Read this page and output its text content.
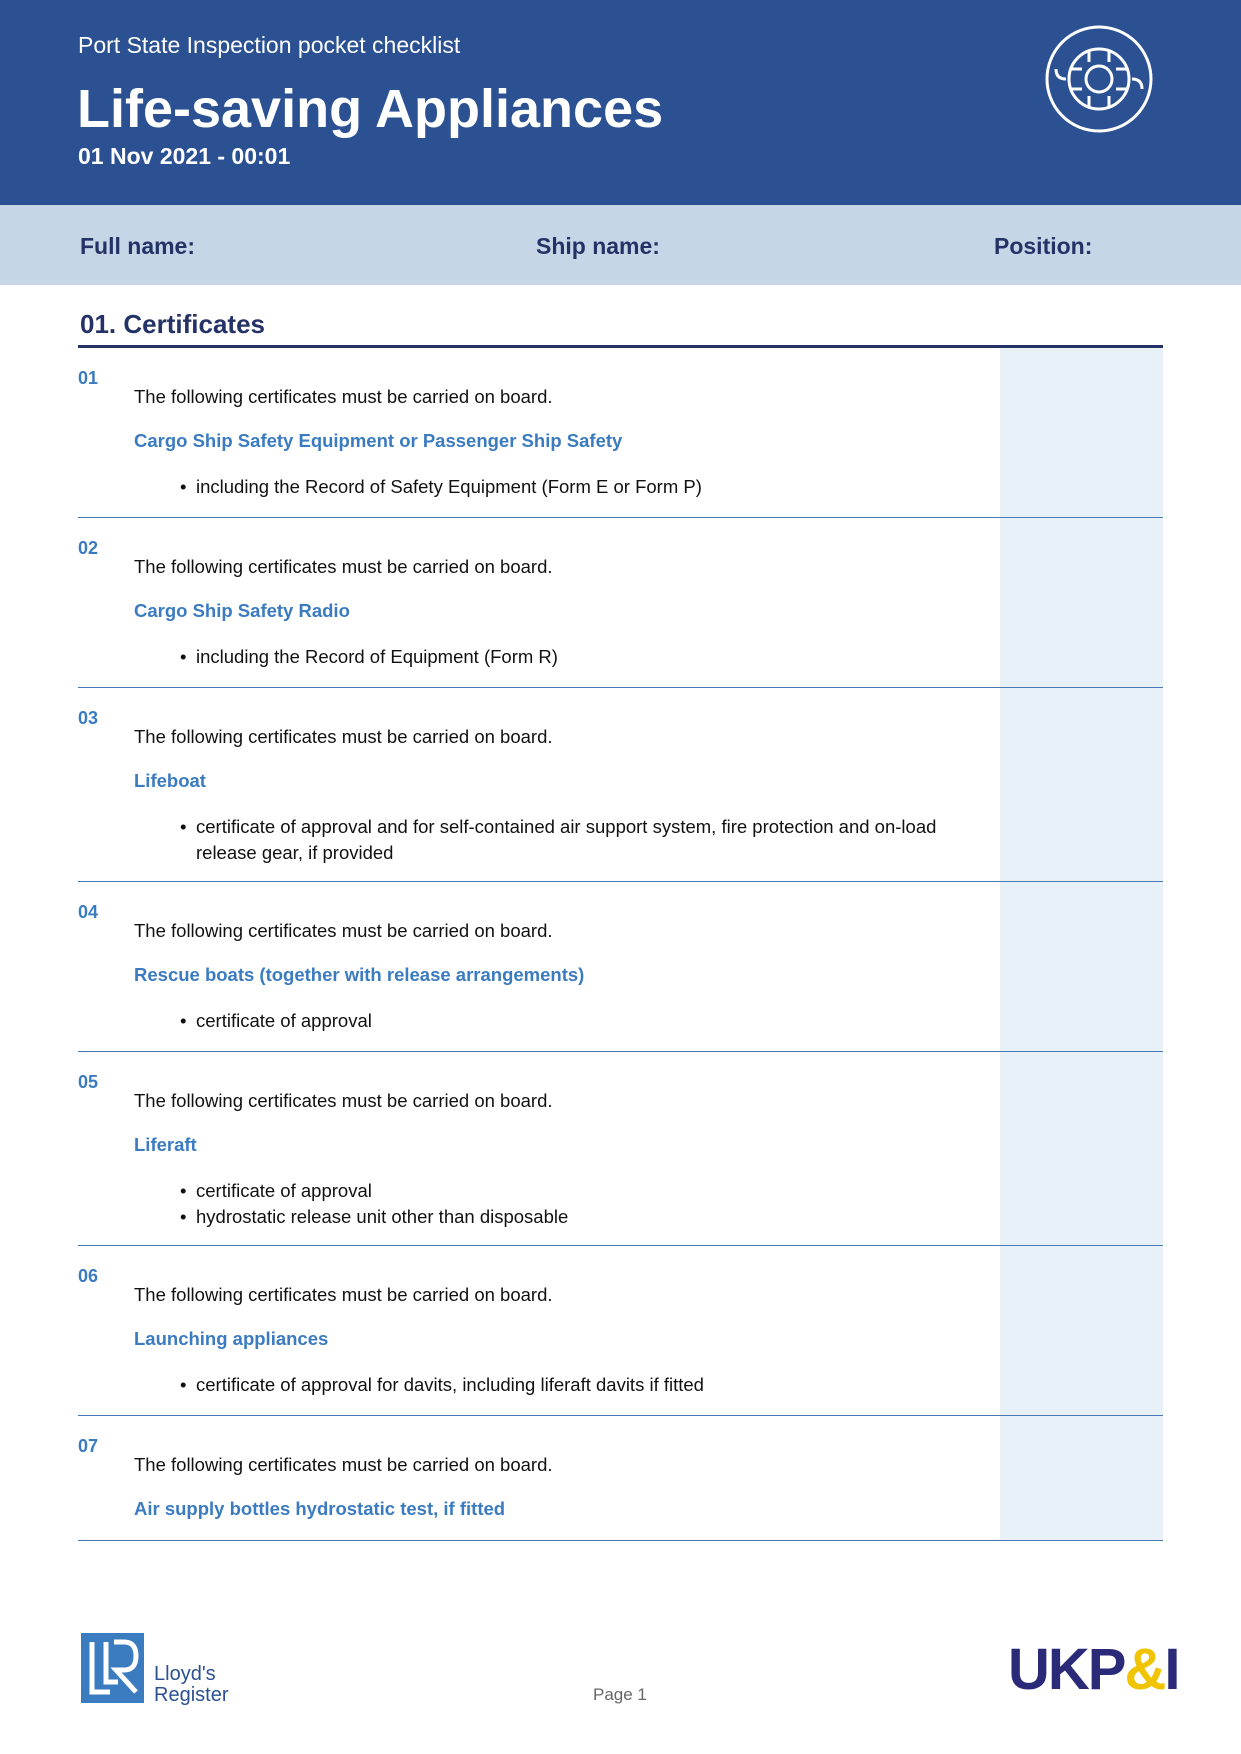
Port State Inspection pocket checklist
Life-saving Appliances
01 Nov 2021 - 00:01
Full name:	Ship name:	Position:
01. Certificates
01
The following certificates must be carried on board.
Cargo Ship Safety Equipment or Passenger Ship Safety
• including the Record of Safety Equipment (Form E or Form P)
02
The following certificates must be carried on board.
Cargo Ship Safety Radio
• including the Record of Equipment (Form R)
03
The following certificates must be carried on board.
Lifeboat
• certificate of approval and for self-contained air support system, fire protection and on-load release gear, if provided
04
The following certificates must be carried on board.
Rescue boats (together with release arrangements)
• certificate of approval
05
The following certificates must be carried on board.
Liferaft
• certificate of approval
• hydrostatic release unit other than disposable
06
The following certificates must be carried on board.
Launching appliances
• certificate of approval for davits, including liferaft davits if fitted
07
The following certificates must be carried on board.
Air supply bottles hydrostatic test, if fitted
Lloyd's
Register	Page 1	UKP&I
